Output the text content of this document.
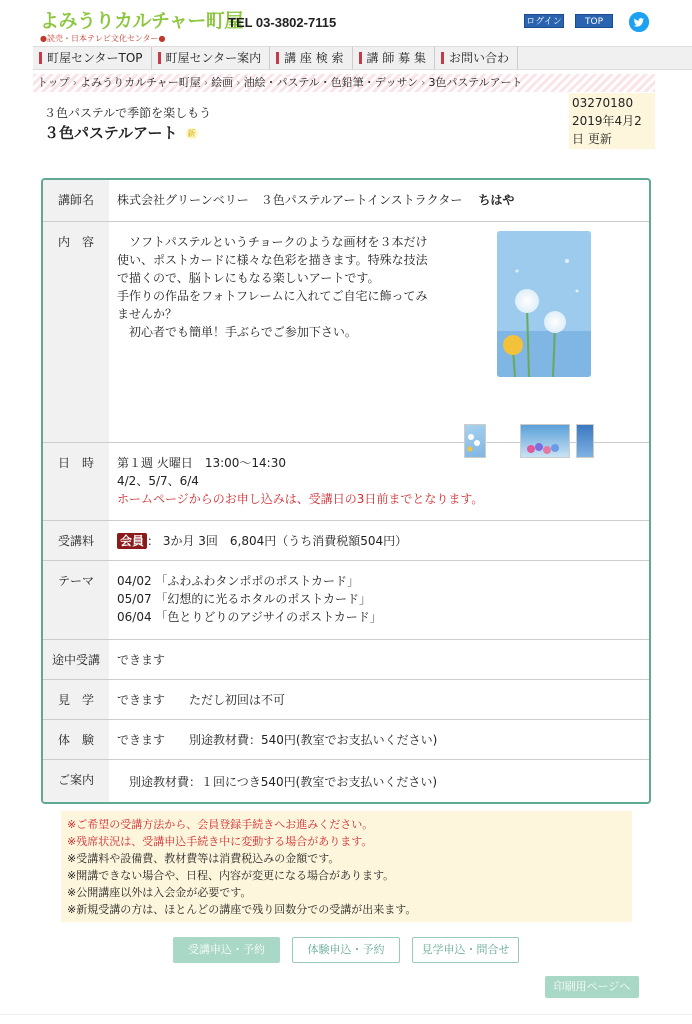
よみうりカルチャー町屋
●読売・日本テレビ文化センター●
TEL 03-3802-7115	ログイン	TOP
町屋センターTOP	町屋センター案内	講 座 検 索	講 師 募 集	お問い合わ
トップ › よみうりカルチャー町屋 › 絵画 › 油絵・パステル・色鉛筆・デッサン › 3色パステルアート
３色パステルで季節を楽しもう
３色パステルアート 新
03270180
2019年4月2
日 更新
講師名	株式会社グリーンベリー　３色パステルアートインストラクター ちはや
内　容	　ソフトパステルというチョークのような画材を３本だけ
使い、ポストカードに様々な色彩を描きます。特殊な技法
で描くので、脳トレにもなる楽しいアートです。
手作りの作品をフォトフレームに入れてご自宅に飾ってみ
ませんか？
　初心者でも簡単！手ぶらでご参加下さい。
日　時	第１週 火曜日　13:00～14:30
4/2、5/7、6/4
ホームページからのお申し込みは、受講日の3日前までとなります。
受講料	会員 ： 3か月 3回　6,804円（うち消費税額504円）
テーマ	04/02 「ふわふわタンポポのポストカード」
05/07 「幻想的に光るホタルのポストカード」
06/04 「色とりどりのアジサイのポストカード」
途中受講	できます
見　学	できます　　ただし初回は不可
体　験	できます　　別途教材費：540円(教室でお支払いください)
ご案内	別途教材費：１回につき540円(教室でお支払いください)
※ご希望の受講方法から、会員登録手続きへお進みください。
※残席状況は、受講申込手続き中に変動する場合があります。
※受講料や設備費、教材費等は消費税込みの金額です。
※開講できない場合や、日程、内容が変更になる場合があります。
※公開講座以外は入会金が必要です。
※新規受講の方は、ほとんどの講座で残り回数分での受講が出来ます。
受講申込・予約	体験申込・予約	見学申込・問合せ
印刷用ページへ
